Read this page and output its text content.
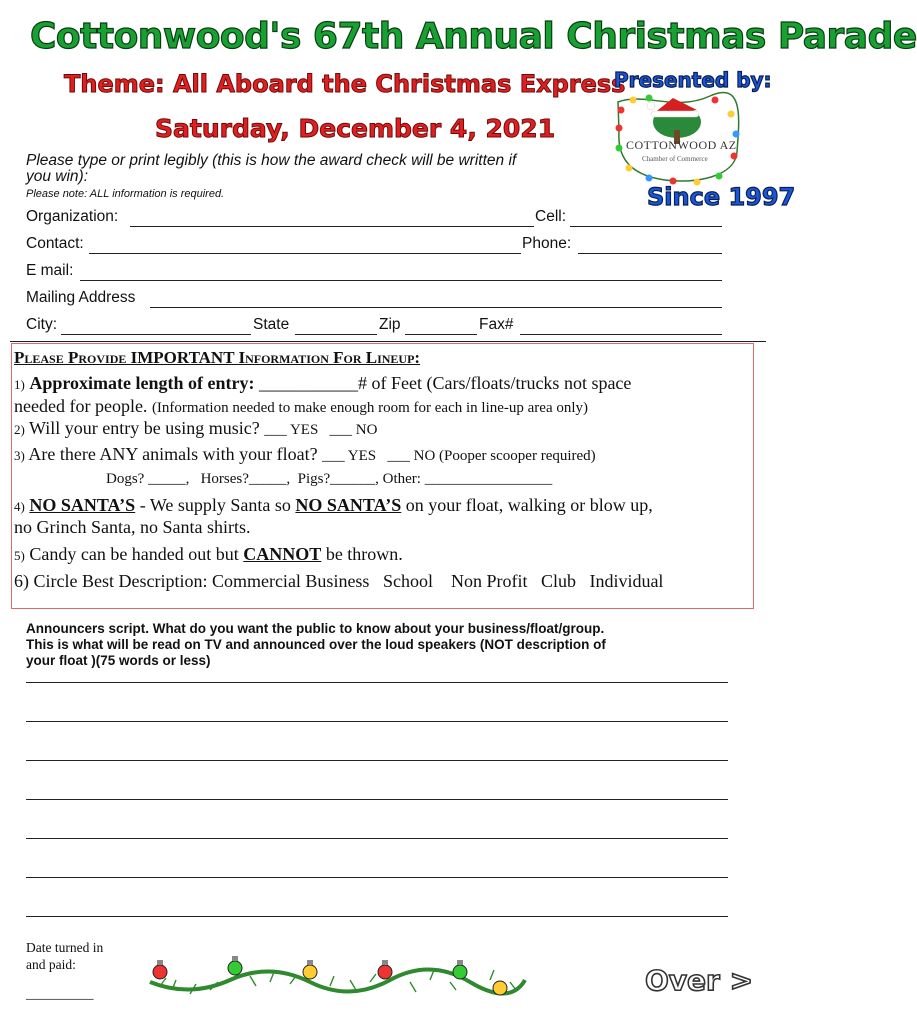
Cottonwood's 67th Annual Christmas Parade
Theme: All Aboard the Christmas Express
Saturday, December 4, 2021
Presented by:
COTTONWOOD AZ
Chamber of Commerce
Since 1997
Please type or print legibly (this is how the award check will be written if
you win):
Please note: ALL information is required.
Organization:	Cell:
Contact:	Phone:
E mail:
Mailing Address
City:	State	Zip	Fax#
Please Provide IMPORTANT Information For Lineup:
1) Approximate length of entry: ___________# of Feet (Cars/floats/trucks not space
needed for people. (Information needed to make enough room for each in line-up area only)
2) Will your entry be using music? ___ YES   ___ NO
3) Are there ANY animals with your float? ___ YES   ___ NO (Pooper scooper required)
Dogs? _____,   Horses?_____,  Pigs?______, Other: _________________
4) NO SANTA’S - We supply Santa so NO SANTA’S on your float, walking or blow up,
no Grinch Santa, no Santa shirts.
5) Candy can be handed out but CANNOT be thrown.
6) Circle Best Description: Commercial Business   School    Non Profit   Club   Individual
Announcers script. What do you want the public to know about your business/float/group.
This is what will be read on TV and announced over the loud speakers (NOT description of
your float )(75 words or less)
Date turned in
and paid:
__________	Over >
